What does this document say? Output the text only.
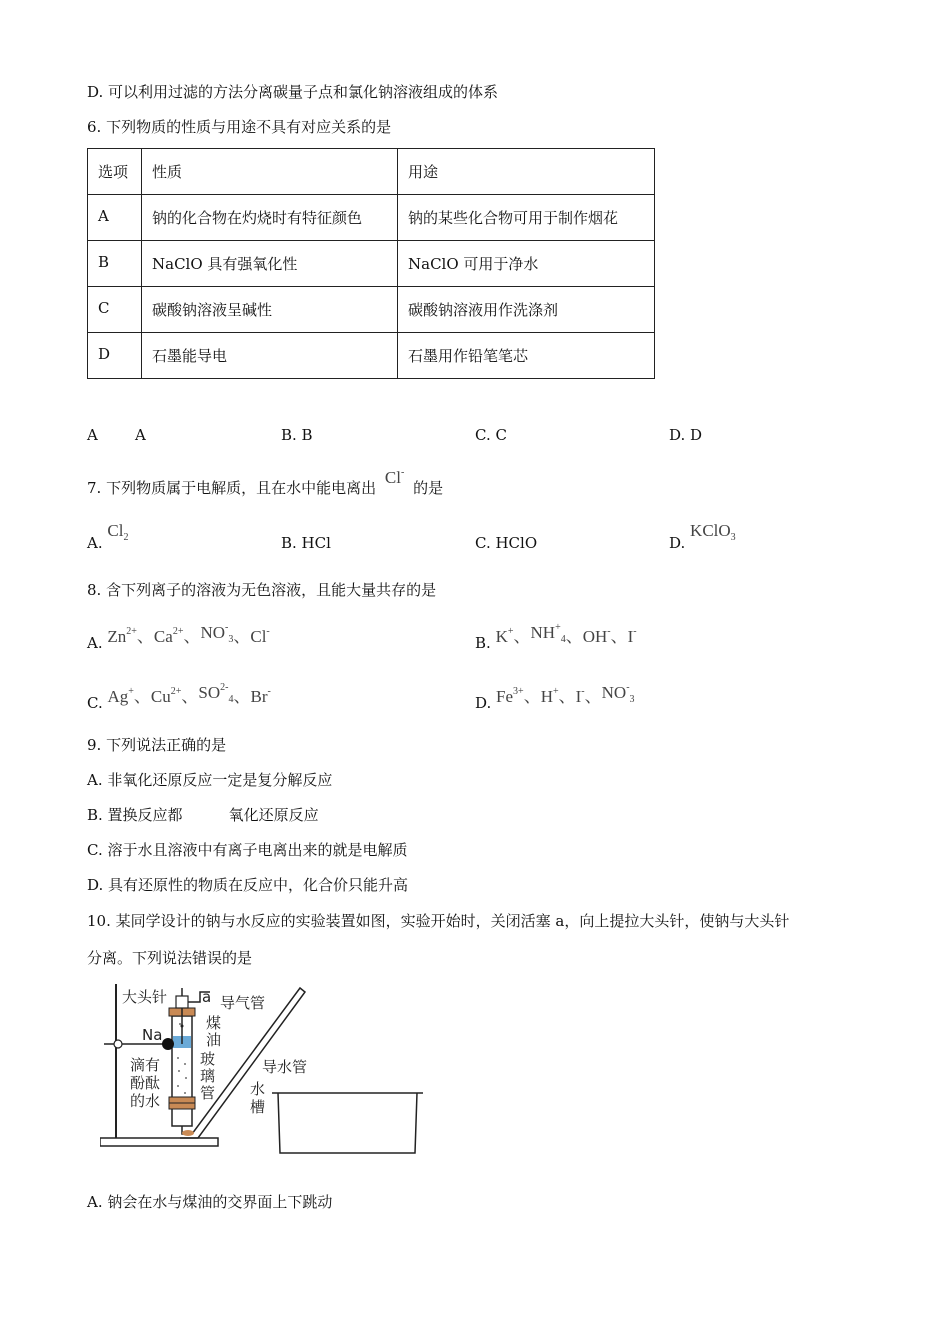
D. 可以利用过滤的方法分离碳量子点和氯化钠溶液组成的体系
6. 下列物质的性质与用途不具有对应关系的是
选项	性质	用途
A	钠的化合物在灼烧时有特征颜色	钠的某些化合物可用于制作烟花
B	NaClO 具有强氧化性	NaClO 可用于净水
C	碳酸钠溶液呈碱性	碳酸钠溶液用作洗涤剂
D	石墨能导电	石墨用作铅笔笔芯
A A	B. B	C. C	D. D
7. 下列物质属于电解质，且在水中能电离出 Cl- 的是
A. $Cl_2$	B. HCl	C. HClO	D. KClO$_3$
8. 含下列离子的溶液为无色溶液，且能大量共存的是
A. $Zn^{2+}$、$Ca^{2+}$、$NO^-_3$、Cl-
B. K+、$NH^+_4$、OH-、I-
C. Ag+、$Cu^{2+}$、$SO^{2-}_4$、Br-
D. $Fe^{3+}$、H+、I-、$NO^-_3$
9. 下列说法正确的是
A. 非氧化还原反应一定是复分解反应
B. 置换反应都	氧化还原反应
C. 溶于水且溶液中有离子电离出来的就是电解质
D. 具有还原性的物质在反应中，化合价只能升高
10. 某同学设计的钠与水反应的实验装置如图，实验开始时，关闭活塞 a，向上提拉大头针，使钠与大头针
分离。下列说法错误的是
大头针 a 导气管
Na
煤
油
玻
璃
管
滴有
酚酞
的水
导水管
水
槽
A. 钠会在水与煤油的交界面上下跳动
